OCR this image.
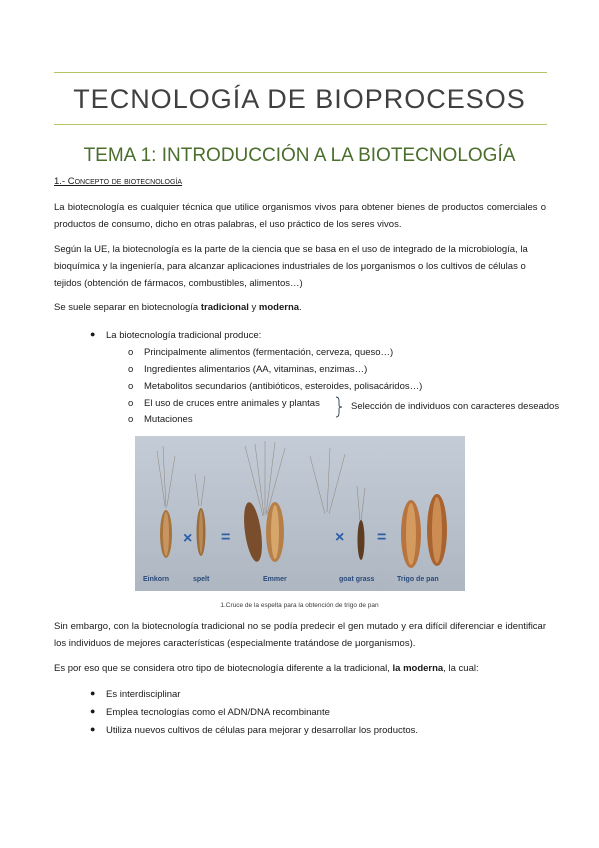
TECNOLOGÍA DE BIOPROCESOS
TEMA 1: INTRODUCCIÓN A LA BIOTECNOLOGÍA
1.- Concepto de biotecnología

La biotecnología es cualquier técnica que utilice organismos vivos para obtener bienes de productos comerciales o productos de consumo, dicho en otras palabras, el uso práctico de los seres vivos.

Según la UE, la biotecnología es la parte de la ciencia que se basa en el uso de integrado de la microbiología, la bioquímica y la ingeniería, para alcanzar aplicaciones industriales de los μorganismos o los cultivos de células o tejidos (obtención de fármacos, combustibles, alimentos…)

Se suele separar en biotecnología tradicional y moderna.

● La biotecnología tradicional produce:
o Principalmente alimentos (fermentación, cerveza, queso…)
o Ingredientes alimentarios (AA, vitaminas, enzimas…)
o Metabolitos secundarios (antibióticos, esteroides, polisacáridos…)
o El uso de cruces entre animales y plantas
o Mutaciones
Selección de individuos con caracteres deseados
× =	× =
Einkorn	spelt	Emmer	goat grass	Trigo de pan
1.Cruce de la espelta para la obtención de trigo de pan

Sin embargo, con la biotecnología tradicional no se podía predecir el gen mutado y era difícil diferenciar e identificar los individuos de mejores características (especialmente tratándose de μorganismos).

Es por eso que se considera otro tipo de biotecnología diferente a la tradicional, la moderna, la cual:

● Es interdisciplinar
● Emplea tecnologías como el ADN/DNA recombinante
● Utiliza nuevos cultivos de células para mejorar y desarrollar los productos.
